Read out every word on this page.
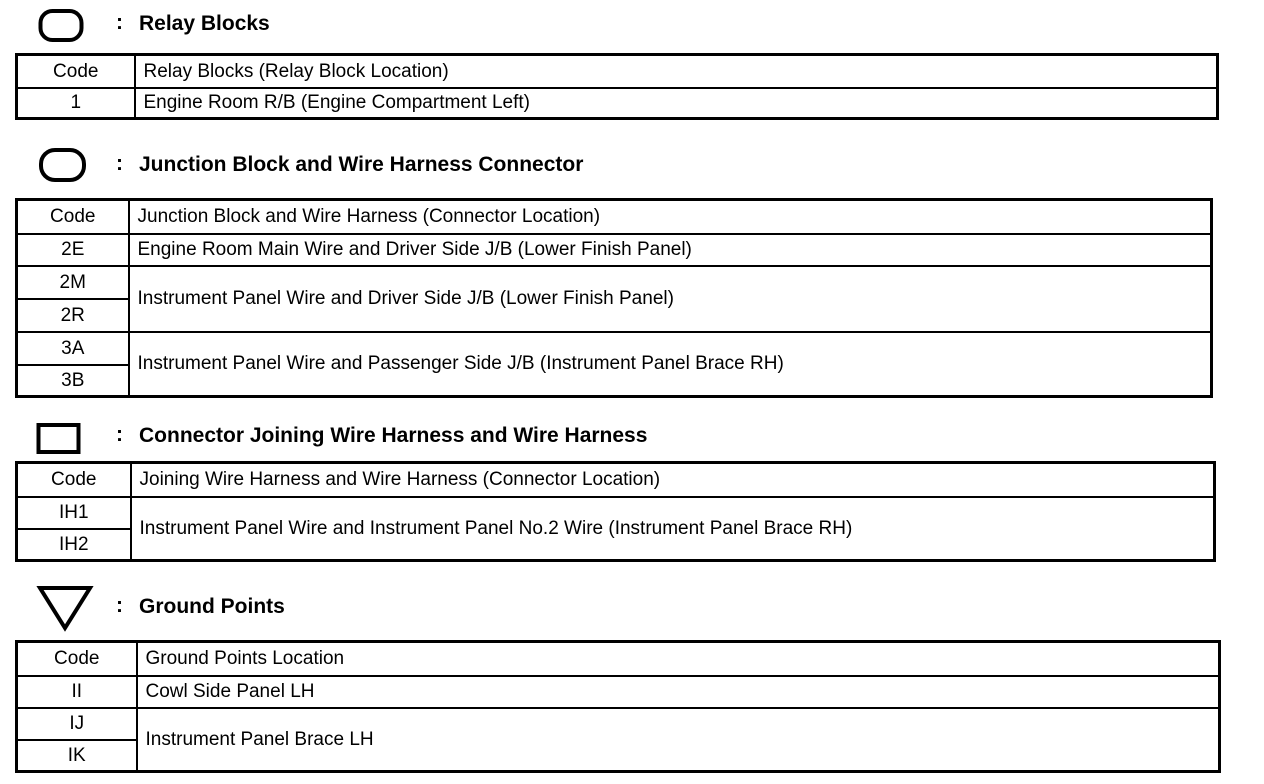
: Relay Blocks
Code	Relay Blocks (Relay Block Location)
1	Engine Room R/B (Engine Compartment Left)
: Junction Block and Wire Harness Connector
Code	Junction Block and Wire Harness (Connector Location)
2E	Engine Room Main Wire and Driver Side J/B (Lower Finish Panel)
2M	Instrument Panel Wire and Driver Side J/B (Lower Finish Panel)
2R	
3A	Instrument Panel Wire and Passenger Side J/B (Instrument Panel Brace RH)
3B	
: Connector Joining Wire Harness and Wire Harness
Code	Joining Wire Harness and Wire Harness (Connector Location)
IH1	Instrument Panel Wire and Instrument Panel No.2 Wire (Instrument Panel Brace RH)
IH2	
: Ground Points
Code	Ground Points Location
II	Cowl Side Panel LH
IJ	Instrument Panel Brace LH
IK	
